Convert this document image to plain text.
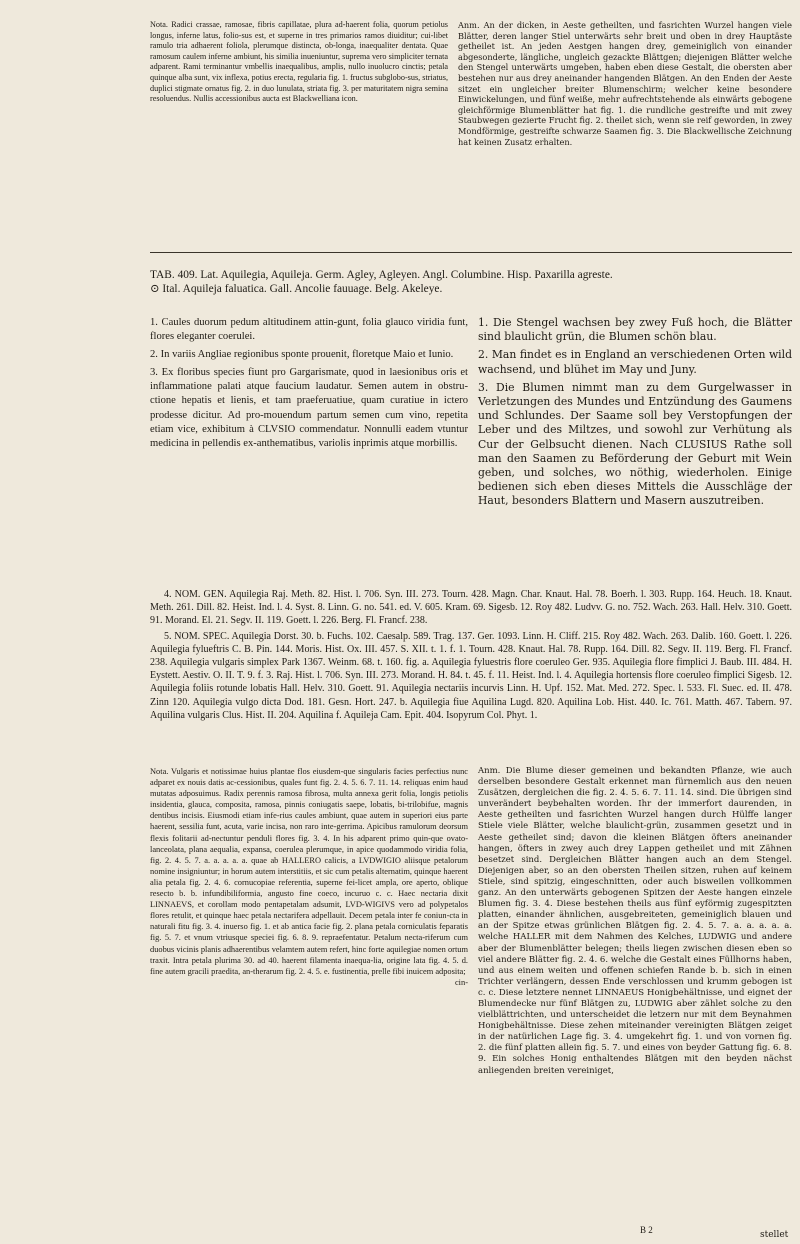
Nota. Radici crassae, ramosae, fibris capillatae, plura ad-haerent folia, quorum petiolus longus, inferne latus, folio-sus est, et superne in tres primarios ramos diuiditur; cui-libet ramulo tria adhaerent foliola, plerumque distincta, ob-longa, inaequaliter dentata. Quae ramosum caulem inferne ambiunt, his similia inueniuntur, suprema vero simpliciter ternata adparent. Rami terminantur vmbellis inaequalibus, amplis, nullo inuolucro cinctis; petala quinque alba sunt, vix inflexa, potius erecta, regularia fig. 1. fructus subglobo-sus, striatus, duplici stigmate ornatus fig. 2. in duo lunulata, striata fig. 3. per maturitatem nigra semina resoluendus. Nullis accessionibus aucta est Blackwelliana icon.
Anm. An der dicken, in Aeste getheilten, und fasrichten Wurzel hangen viele Blätter, deren langer Stiel unterwärts sehr breit und oben in drey Hauptäste getheilet ist. An jeden Aestgen hangen drey, gemeiniglich von einander abgesonderte, längliche, ungleich gezackte Blättgen; diejenigen Blätter welche den Stengel unterwärts umgeben, haben eben diese Gestalt, die obersten aber bestehen nur aus drey aneinander hangenden Blätgen. An den Enden der Aeste sitzet ein ungleicher breiter Blumenschirm; welcher keine besondere Einwickelungen, und fünf weiße, mehr aufrechtstehende als einwärts gebogene gleichförmige Blumenblätter hat fig. 1. die rundliche gestreifte und mit zwey Staubwegen gezierte Frucht fig. 2. theilet sich, wenn sie reif geworden, in zwey Mondförmige, gestreifte schwarze Saamen fig. 3. Die Blackwellische Zeichnung hat keinen Zusatz erhalten.
TAB. 409. Lat. Aquilegia, Aquileja. Germ. Agley, Agleyen. Angl. Columbine. Hisp. Paxarilla agreste.
⊙ Ital. Aquileja faluatica. Gall. Ancolie fauuage. Belg. Akeleye.
1. Caules duorum pedum altitudinem attin-gunt, folia glauco viridia funt, flores eleganter coerulei.
2. In variis Angliae regionibus sponte prouenit, floretque Maio et Iunio.
3. Ex floribus species fiunt pro Gargarismate, quod in laesionibus oris et inflammatione palati atque faucium laudatur. Semen autem in obstru-ctione hepatis et lienis, et tam praeferuatiue, quam curatiue in ictero prodesse dicitur. Ad pro-mouendum partum semen cum vino, repetita etiam vice, exhibitum à CLVSIO commendatur. Nonnulli eadem vtuntur medicina in pellendis ex-anthematibus, variolis inprimis atque morbillis.
1. Die Stengel wachsen bey zwey Fuß hoch, die Blätter sind blaulicht grün, die Blumen schön blau.
2. Man findet es in England an verschiedenen Orten wild wachsend, und blühet im May und Juny.
3. Die Blumen nimmt man zu dem Gurgelwasser in Verletzungen des Mundes und Entzündung des Gaumens und Schlundes. Der Saame soll bey Verstopfungen der Leber und des Miltzes, und sowohl zur Verhütung als Cur der Gelbsucht dienen. Nach CLUSIUS Rathe soll man den Saamen zu Beförderung der Geburt mit Wein geben, und solches, wo nöthig, wiederholen. Einige bedienen sich eben dieses Mittels die Ausschläge der Haut, besonders Blattern und Masern auszutreiben.

4. NOM. GEN. Aquilegia Raj. Meth. 82. Hist. l. 706. Syn. III. 273. Tourn. 428. Magn. Char. Knaut. Hal. 78. Boerh. l. 303. Rupp. 164. Heuch. 18. Knaut. Meth. 261. Dill. 82. Heist. Ind. l. 4. Syst. 8. Linn. G. no. 541. ed. V. 605. Kram. 69. Sigesb. 12. Roy 482. Ludvv. G. no. 752. Wach. 263. Hall. Helv. 310. Goett. 91. Morand. El. 21. Segv. II. 119. Goett. l. 226. Berg. Fl. Francf. 238.

5. NOM. SPEC. Aquilegia Dorst. 30. b. Fuchs. 102. Caesalp. 589. Trag. 137. Ger. 1093. Linn. H. Cliff. 215. Roy 482. Wach. 263. Dalib. 160. Goett. l. 226. Aquilegia fylueftris C. B. Pin. 144. Moris. Hist. Ox. III. 457. S. XII. t. 1. f. 1. Tourn. 428. Knaut. Hal. 78. Rupp. 164. Dill. 82. Segv. II. 119. Berg. Fl. Francf. 238. Aquilegia vulgaris simplex Park 1367. Weinm. 68. t. 160. fig. a. Aquilegia fyluestris flore coeruleo Ger. 935. Aquilegia flore fimplici J. Baub. III. 484. H. Eystett. Aestiv. O. II. T. 9. f. 3. Raj. Hist. l. 706. Syn. III. 273. Morand. H. 84. t. 45. f. 11. Heist. Ind. l. 4. Aquilegia hortensis flore coeruleo fimplici Sigesb. 12. Aquilegia foliis rotunde lobatis Hall. Helv. 310. Goett. 91. Aquilegia nectariis incurvis Linn. H. Upf. 152. Mat. Med. 272. Spec. l. 533. Fl. Suec. ed. II. 478. Zinn 120. Aquilegia vulgo dicta Dod. 181. Gesn. Hort. 247. b. Aquilegia fiue Aquilina Lugd. 820. Aquilina Lob. Hist. 440. Ic. 761. Matth. 467. Tabern. 97. Aquilina vulgaris Clus. Hist. II. 204. Aquilina f. Aquileja Cam. Epit. 404. Isopyrum Col. Phyt. 1.

Nota. Vulgaris et notissimae huius plantae flos eiusdem-que singularis facies perfectius nunc adparet ex nouis datis ac-cessionibus, quales funt fig. 2. 4. 5. 6. 7. 11. 14. reliquas enim haud mutatas adposuimus. Radix perennis ramosa fibrosa, multa annexa gerit folia, longis petiolis insidentia, glauca, composita, ramosa, pinnis coniugatis saepe, lobatis, bi-trilobifue, magnis dentibus incisis. Eiusmodi etiam infe-rius caules ambiunt, quae autem in superiori eius parte haerent, sessilia funt, acuta, varie incisa, non raro inte-gerrima. Apicibus ramulorum deorsum flexis folitarii ad-nectuntur penduli flores fig. 3. 4. In his adparent primo quin-que ovato-lanceolata, plana aequalia, expansa, coerulea plerumque, in apice quodammodo viridia folia, fig. 2. 4. 5. 7. a. a. a. a. a. quae ab HALLERO calicis, a LVDWIGIO aliisque petalorum nomine insigniuntur; in horum autem interstitiis, et sic cum petalis alternatim, quinque haerent alia petala fig. 2. 4. 6. cornucopiae referentia, superne fei-licet ampla, ore aperto, oblique resecto b. b. infundibiliformia, angusto fine coeco, incuruo c. c. Haec nectaria dixit LINNAEVS, et corollam modo pentapetalam adsumit, LVD-WIGIVS vero ad polypetalos flores retulit, et quinque haec petala nectarifera adpellauit. Decem petala inter fe coniun-cta in naturali fitu fig. 3. 4. inuerso fig. 1. et ab antica facie fig. 2. plana petala corniculatis feparatis fig. 5. 7. et vnum vtriusque speciei fig. 6. 8. 9. repraefentatur. Petalum necta-riferum cum duobus vicinis planis adhaerentibus velamtem autem refert, hinc forte aquilegiae nomen ortum traxit. Intra petala plurima 30. ad 40. haerent filamenta inaequa-lia, origine lata fig. 4. 5. d. fine autem gracili praedita, an-therarum fig. 2. 4. 5. e. fustinentia, prelle fibi inuicem adposita;
cin-
Anm. Die Blume dieser gemeinen und bekandten Pflanze, wie auch derselben besondere Gestalt erkennet man fürnemlich aus den neuen Zusätzen, dergleichen die fig. 2. 4. 5. 6. 7. 11. 14. sind. Die übrigen sind unverändert beybehalten worden. Ihr der immerfort daurenden, in Aeste getheilten und fasrichten Wurzel hangen durch Hülffe langer Stiele viele Blätter, welche blaulicht-grün, zusammen gesetzt und in Aeste getheilet sind; davon die kleinen Blätgen öfters aneinander hangen, öfters in zwey auch drey Lappen getheilet und mit Zähnen besetzet sind. Dergleichen Blätter hangen auch an dem Stengel. Diejenigen aber, so an den obersten Theilen sitzen, ruhen auf keinem Stiele, sind spitzig, eingeschnitten, oder auch bisweilen vollkommen ganz. An den unterwärts gebogenen Spitzen der Aeste hangen einzele Blumen fig. 3. 4. Diese bestehen theils aus fünf eyförmig zugespitzten platten, einander ähnlichen, ausgebreiteten, gemeiniglich blauen und an der Spitze etwas grünlichen Blätgen fig. 2. 4. 5. 7. a. a. a. a. a. welche HALLER mit dem Nahmen des Kelches, LUDWIG und andere aber der Blumenblätter belegen; theils liegen zwischen diesen eben so viel andere Blätter fig. 2. 4. 6. welche die Gestalt eines Füllhorns haben, und aus einem weiten und offenen schiefen Rande b. b. sich in einen Trichter verlängern, dessen Ende verschlossen und krumm gebogen ist c. c. Diese letztere nennet LINNAEUS Honigbehältnisse, und eignet der Blumendecke nur fünf Blätgen zu, LUDWIG aber zählet solche zu den vielblättrichten, und unterscheidet die letzern nur mit dem Beynahmen Honigbehältnisse. Diese zehen miteinander vereinigten Blätgen zeiget in der natürlichen Lage fig. 3. 4. umgekehrt fig. 1. und von vornen fig. 2. die fünf platten allein fig. 5. 7. und eines von beyder Gattung fig. 6. 8. 9. Ein solches Honig enthaltendes Blätgen mit den beyden nächst anliegenden breiten vereiniget,
B 2	stellet
